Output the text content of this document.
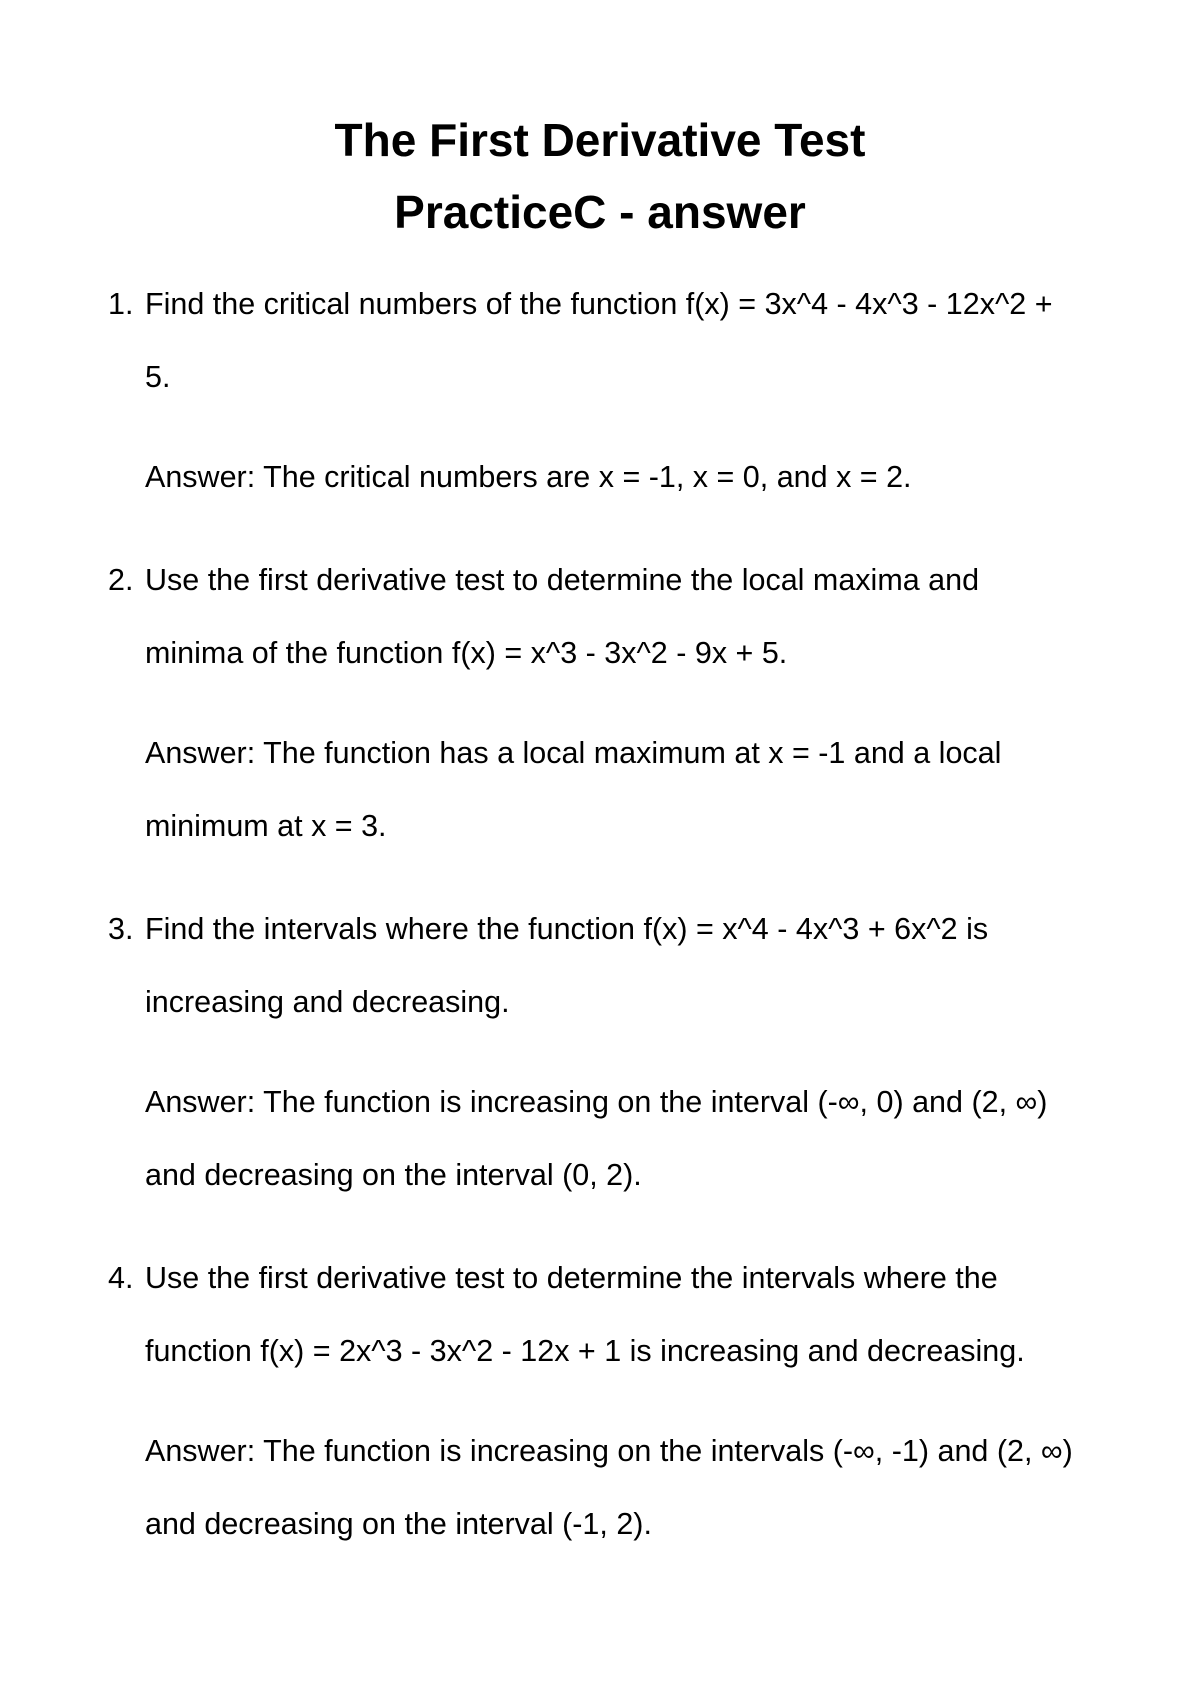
The First Derivative Test
PracticeC - answer
1. Find the critical numbers of the function f(x) = 3x^4 - 4x^3 - 12x^2 +
5.
Answer: The critical numbers are x = -1, x = 0, and x = 2.
2. Use the first derivative test to determine the local maxima and
minima of the function f(x) = x^3 - 3x^2 - 9x + 5.
Answer: The function has a local maximum at x = -1 and a local
minimum at x = 3.
3. Find the intervals where the function f(x) = x^4 - 4x^3 + 6x^2 is
increasing and decreasing.
Answer: The function is increasing on the interval (-∞, 0) and (2, ∞)
and decreasing on the interval (0, 2).
4. Use the first derivative test to determine the intervals where the
function f(x) = 2x^3 - 3x^2 - 12x + 1 is increasing and decreasing.
Answer: The function is increasing on the intervals (-∞, -1) and (2, ∞)
and decreasing on the interval (-1, 2).
